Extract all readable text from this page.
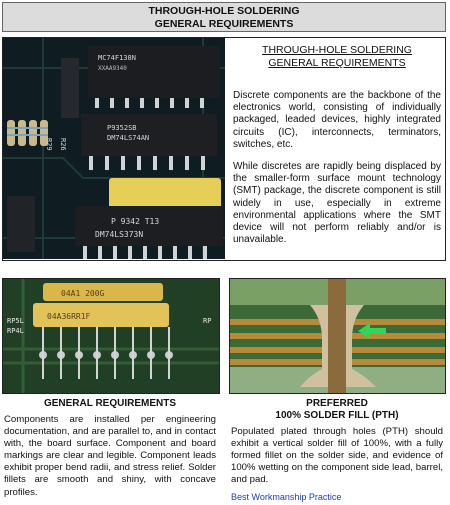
THROUGH-HOLE SOLDERING
GENERAL REQUIREMENTS
R29 R26
MC74F138N
XXAA9340
P9352SB
DM74LS74AN
P 9342 T13
DM74LS373N
THROUGH-HOLE SOLDERING
GENERAL REQUIREMENTS

Discrete components are the backbone of the electronics world, consisting of individually packaged, leaded devices, highly integrated circuits (IC), interconnects, terminators, switches, etc.

While discretes are rapidly being displaced by the smaller-form surface mount technology (SMT) package, the discrete component is still widely in use, especially in extreme environmental applications where the SMT device will not perform reliably and/or is unavailable.

04A1 200G
04A36RR1F
RP5L
RP4L
RP
GENERAL REQUIREMENTS
Components are installed per engineering documentation, and are parallel to, and in contact with, the board surface. Component and board markings are clear and legible. Component leads exhibit proper bend radii, and stress relief. Solder fillets are smooth and shiny, with concave profiles.
PREFERRED
100% SOLDER FILL (PTH)
Populated plated through holes (PTH) should exhibit a vertical solder fill of 100%, with a fully formed fillet on the solder side, and evidence of 100% wetting on the component side lead, barrel, and pad.
Best Workmanship Practice
